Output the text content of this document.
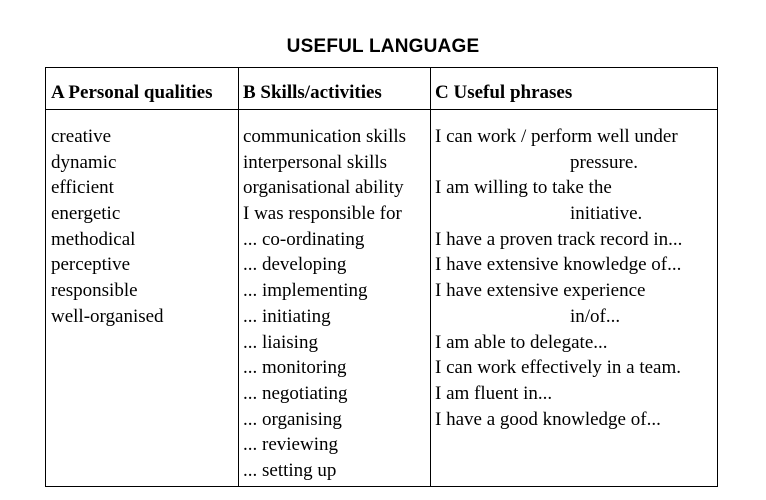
USEFUL LANGUAGE
A Personal qualities B Skills/activities	C Useful phrases
creative
dynamic
efficient
energetic
methodical
perceptive
responsible
well-organised
communication skills
interpersonal skills
organisational ability
I was responsible for
... co-ordinating
... developing
... implementing
... initiating
... liaising
... monitoring
... negotiating
... organising
... reviewing
... setting up
I can work / perform well under
pressure.
I am willing to take the
initiative.
I have a proven track record in...
I have extensive knowledge of...
I have extensive experience
in/of...
I am able to delegate...
I can work effectively in a team.
I am fluent in...
I have a good knowledge of...
